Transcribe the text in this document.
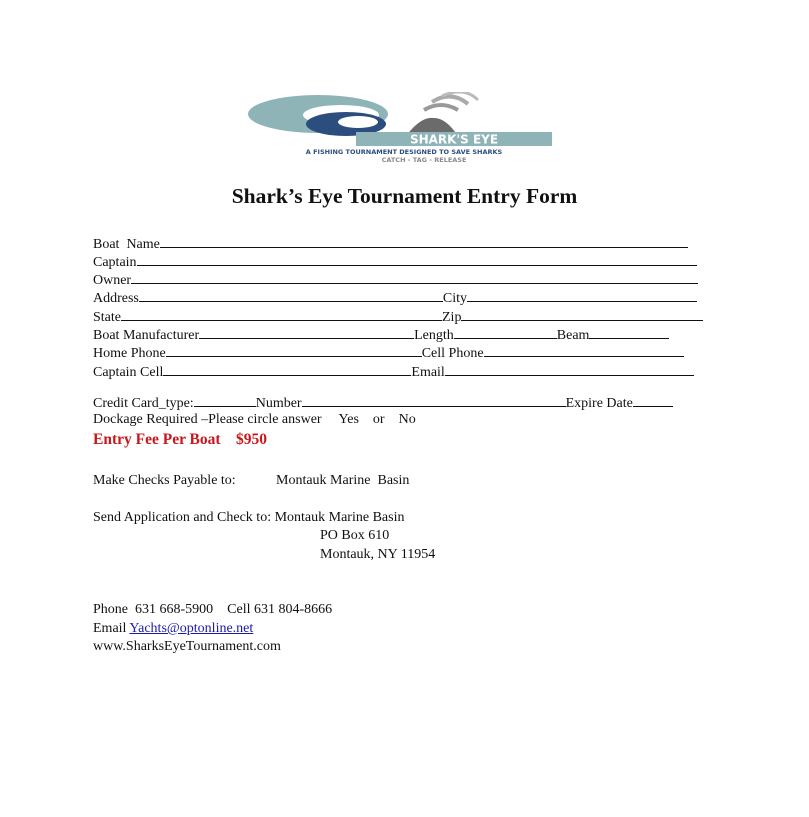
SHARK'S EYE
A FISHING TOURNAMENT DESIGNED TO SAVE SHARKS
CATCH - TAG - RELEASE
Shark’s Eye Tournament Entry Form
Boat  Name
Captain
Owner
Address	City
State	Zip
Boat Manufacturer	Length	Beam
Home Phone	Cell Phone
Captain Cell	Email
Credit Card_type:	Number	Expire Date
Dockage Required –Please circle answer     Yes    or    No
Entry Fee Per Boat    $950
Make Checks Payable to:	Montauk Marine  Basin
Send Application and Check to: Montauk Marine Basin
PO Box 610
Montauk, NY 11954
Phone  631 668-5900    Cell 631 804-8666
Email Yachts@optonline.net
www.SharksEyeTournament.com
